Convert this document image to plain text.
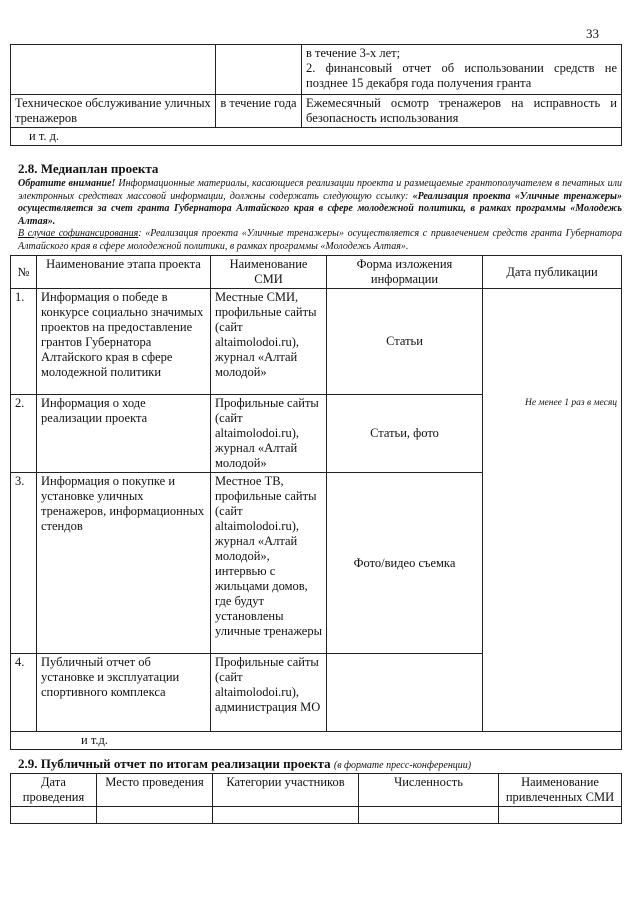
33

		в течение 3-х лет;
2. финансовый отчет об использовании средств не позднее 15 декабря года получения гранта

Техническое обслуживание уличных тренажеров	в течение года	Ежемесячный осмотр тренажеров на исправность и безопасность использования
и т. д.		
2.8. Медиаплан проекта
Обратите внимание! Информационные материалы, касающиеся реализации проекта и размещаемые грантополучателем в печатных или электронных средствах массовой информации, должны содержать следующую ссылку: «Реализация проекта «Уличные тренажеры» осуществляется за счет гранта Губернатора Алтайского края в сфере молодежной политики, в рамках программы «Молодежь Алтая».
В случае софинансирования: «Реализация проекта «Уличные тренажеры» осуществляется с привлечением средств гранта Губернатора Алтайского края в сфере молодежной политики, в рамках программы «Молодежь Алтая».
№	Наименование этапа проекта	Наименование СМИ	Форма изложения информации	Дата публикации
1.	Информация о победе в конкурсе социально значимых проектов на предоставление грантов Губернатора Алтайского края в сфере молодежной политики	Местные СМИ, профильные сайты (сайт altaimolodoi.ru), журнал «Алтай молодой»	Статьи	Не менее 1 раз в месяц

2.	Информация о ходе реализации проекта	Профильные сайты (сайт altaimolodoi.ru), журнал «Алтай молодой»	Статьи, фото	
3.	Информация о покупке и установке уличных тренажеров, информационных стендов	Местное ТВ, профильные сайты (сайт altaimolodoi.ru), журнал «Алтай молодой», интервью с жильцами домов, где будут установлены уличные тренажеры	Фото/видео съемка	
4.	Публичный отчет об установке и эксплуатации спортивного комплекса	Профильные сайты (сайт altaimolodoi.ru), администрация МО		
и т.д.				
2.9. Публичный отчет по итогам реализации проекта (в формате пресс-конференции)
Дата проведения	Место проведения	Категории участников	Численность	Наименование привлеченных СМИ
